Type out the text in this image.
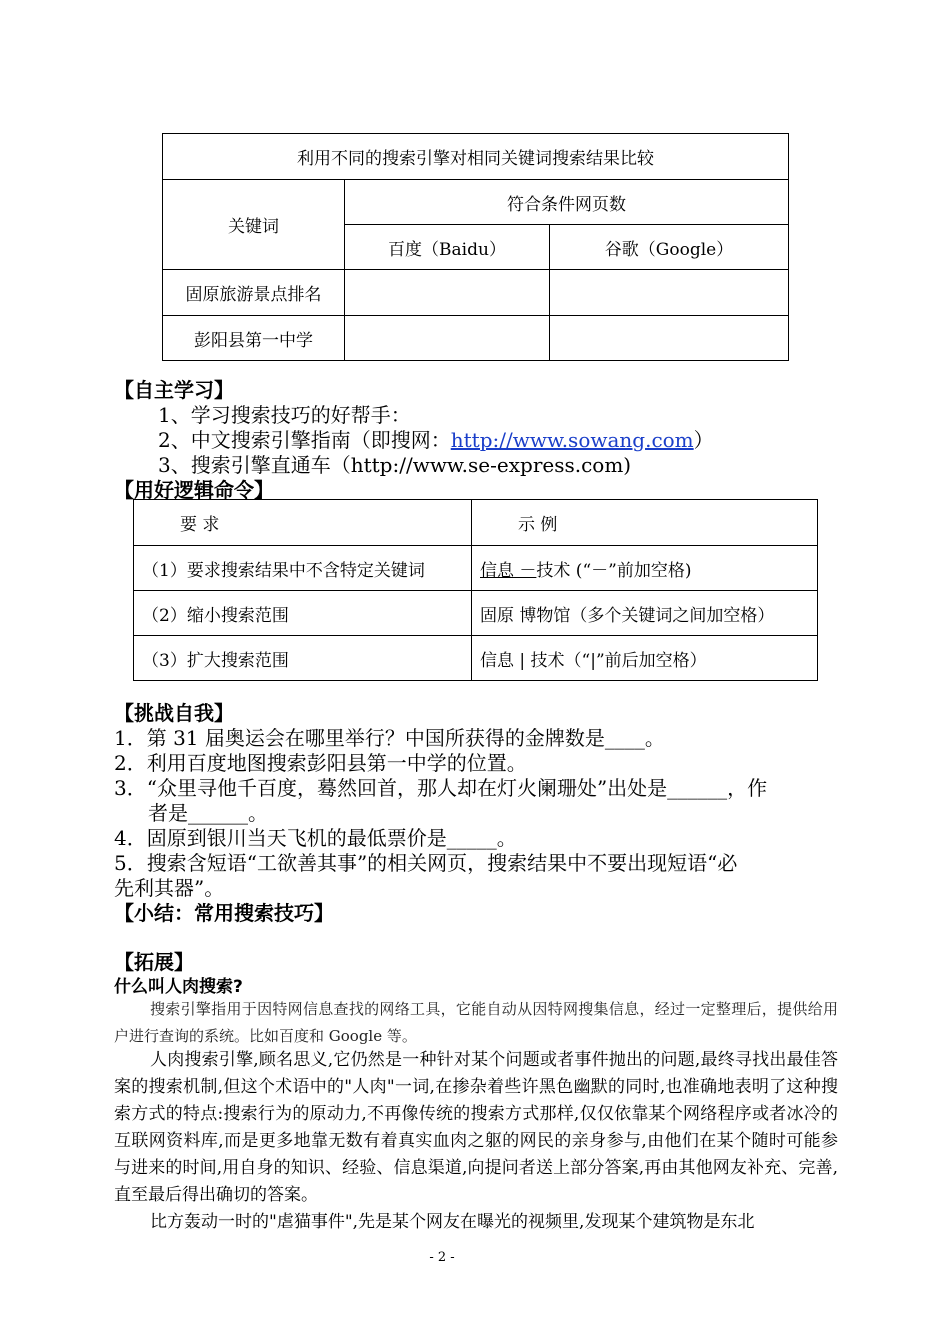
利用不同的搜索引擎对相同关键词搜索结果比较		
关键词	符合条件网页数	
	百度（Baidu）	谷歌（Google）
固原旅游景点排名		
彭阳县第一中学		
【自主学习】
1、学习搜索技巧的好帮手：
2、中文搜索引擎指南（即搜网：http://www.sowang.com）
3、搜索引擎直通车（http://www.se-express.com)
【用好逻辑命令】
要 求	示 例
（1）要求搜索结果中不含特定关键词	信息 －技术 (“－”前加空格)
（2）缩小搜索范围	固原 博物馆（多个关键词之间加空格）
（3）扩大搜索范围	信息 | 技术（“|”前后加空格）
【挑战自我】
1．第 31 届奥运会在哪里举行？中国所获得的金牌数是____。
2．利用百度地图搜索彭阳县第一中学的位置。
3．“众里寻他千百度，蓦然回首，那人却在灯火阑珊处”出处是______，作
者是______。
4．固原到银川当天飞机的最低票价是_____。
5．搜索含短语“工欲善其事”的相关网页，搜索结果中不要出现短语“必
先利其器”。
【小结：常用搜索技巧】
【拓展】
什么叫人肉搜索?
搜索引擎指用于因特网信息查找的网络工具，它能自动从因特网搜集信息，经过一定整理后，提供给用户进行查询的系统。比如百度和 Google 等。
人肉搜索引擎,顾名思义,它仍然是一种针对某个问题或者事件抛出的问题,最终寻找出最佳答案的搜索机制,但这个术语中的"人肉"一词,在掺杂着些许黑色幽默的同时,也准确地表明了这种搜索方式的特点:搜索行为的原动力,不再像传统的搜索方式那样,仅仅依靠某个网络程序或者冰冷的互联网资料库,而是更多地靠无数有着真实血肉之躯的网民的亲身参与,由他们在某个随时可能参与进来的时间,用自身的知识、经验、信息渠道,向提问者送上部分答案,再由其他网友补充、完善,直至最后得出确切的答案。
比方轰动一时的"虐猫事件",先是某个网友在曝光的视频里,发现某个建筑物是东北
- 2 -
